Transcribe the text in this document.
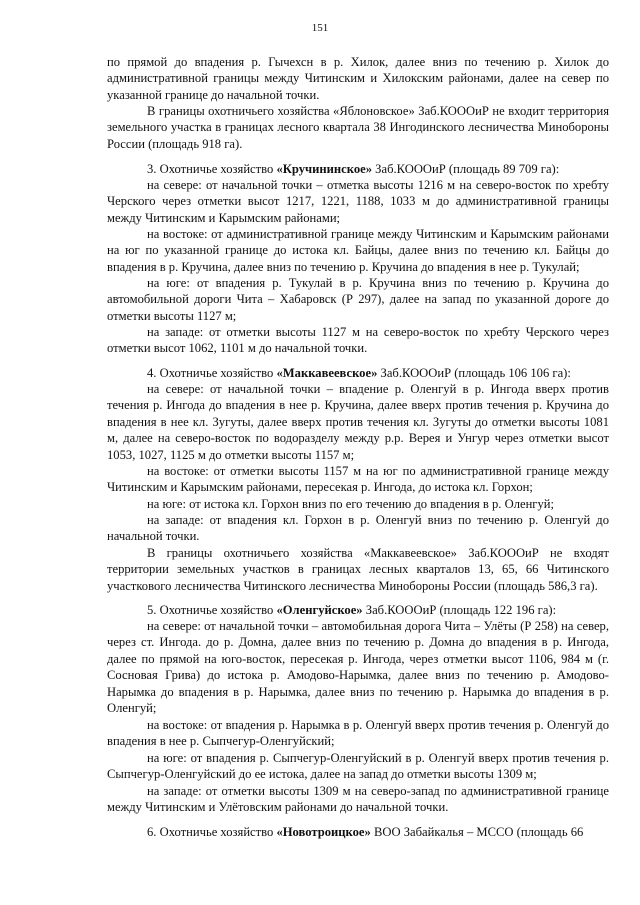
151
по прямой до впадения р. Гычехсн в р. Хилок, далее вниз по течению р. Хилок до административной границы между Читинским и Хилокским районами, далее на север по указанной границе до начальной точки.
В границы охотничьего хозяйства «Яблоновское» Заб.КОООиР не входит территория земельного участка в границах лесного квартала 38 Ингодинского лесничества Минобороны России (площадь 918 га).
3. Охотничье хозяйство «Кручининское» Заб.КОООиР (площадь 89 709 га):
на севере: от начальной точки – отметка высоты 1216 м на северо-восток по хребту Черского через отметки высот 1217, 1221, 1188, 1033 м до административной границы между Читинским и Карымским районами;
на востоке: от административной границе между Читинским и Карымским районами на юг по указанной границе до истока кл. Байцы, далее вниз по течению кл. Байцы до впадения в р. Кручина, далее вниз по течению р. Кручина до впадения в нее р. Тукулай;
на юге: от впадения р. Тукулай в р. Кручина вниз по течению р. Кручина до автомобильной дороги Чита – Хабаровск (Р 297), далее на запад по указанной дороге до отметки высоты 1127 м;
на западе: от отметки высоты 1127 м на северо-восток по хребту Черского через отметки высот 1062, 1101 м до начальной точки.
4. Охотничье хозяйство «Маккавеевское» Заб.КОООиР (площадь 106 106 га):
на севере: от начальной точки – впадение р. Оленгуй в р. Ингода вверх против течения р. Ингода до впадения в нее р. Кручина, далее вверх против течения р. Кручина до впадения в нее кл. Зугуты, далее вверх против течения кл. Зугуты до отметки высоты 1081 м, далее на северо-восток по водоразделу между р.р. Верея и Унгур через отметки высот 1053, 1027, 1125 м до отметки высоты 1157 м;
на востоке: от отметки высоты 1157 м на юг по административной границе между Читинским и Карымским районами, пересекая р. Ингода, до истока кл. Горхон;
на юге: от истока кл. Горхон вниз по его течению до впадения в р. Оленгуй;
на западе: от впадения кл. Горхон в р. Оленгуй вниз по течению р. Оленгуй до начальной точки.
В границы охотничьего хозяйства «Маккавеевское» Заб.КОООиР не входят территории земельных участков в границах лесных кварталов 13, 65, 66 Читинского участкового лесничества Читинского лесничества Минобороны России (площадь 586,3 га).
5. Охотничье хозяйство «Оленгуйское» Заб.КОООиР (площадь 122 196 га):
на севере: от начальной точки – автомобильная дорога Чита – Улёты (Р 258) на север, через ст. Ингода. до р. Домна, далее вниз по течению р. Домна до впадения в р. Ингода, далее по прямой на юго-восток, пересекая р. Ингода, через отметки высот 1106, 984 м (г. Сосновая Грива) до истока р. Амодово-Нарымка, далее вниз по течению р. Амодово-Нарымка до впадения в р. Нарымка, далее вниз по течению р. Нарымка до впадения в р. Оленгуй;
на востоке: от впадения р. Нарымка в р. Оленгуй вверх против течения р. Оленгуй до впадения в нее р. Сыпчегур-Оленгуйский;
на юге: от впадения р. Сыпчегур-Оленгуйский в р. Оленгуй вверх против течения р. Сыпчегур-Оленгуйский до ее истока, далее на запад до отметки высоты 1309 м;
на западе: от отметки высоты 1309 м на северо-запад по административной границе между Читинским и Улётовским районами до начальной точки.
6. Охотничье хозяйство «Новотроицкое» ВОО Забайкалья – МССО (площадь 66
